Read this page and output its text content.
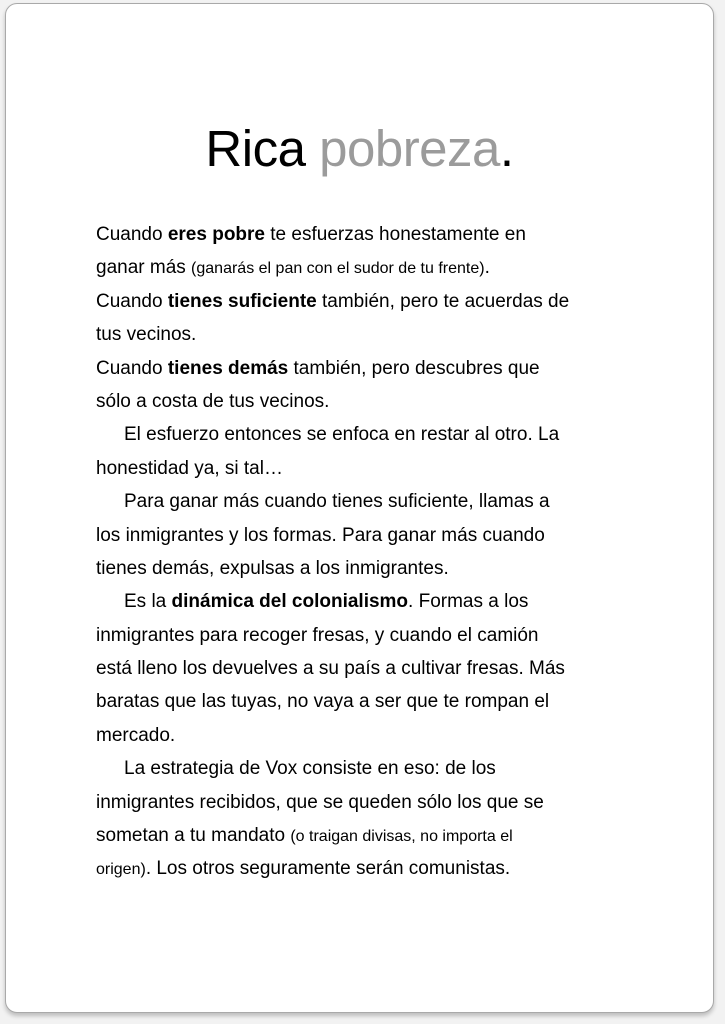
Rica pobreza.
Cuando eres pobre te esfuerzas honestamente en
ganar más (ganarás el pan con el sudor de tu frente).
Cuando tienes suficiente también, pero te acuerdas de
tus vecinos.
Cuando tienes demás también, pero descubres que
sólo a costa de tus vecinos.
El esfuerzo entonces se enfoca en restar al otro. La
honestidad ya, si tal…
Para ganar más cuando tienes suficiente, llamas a
los inmigrantes y los formas. Para ganar más cuando
tienes demás, expulsas a los inmigrantes.
Es la dinámica del colonialismo. Formas a los
inmigrantes para recoger fresas, y cuando el camión
está lleno los devuelves a su país a cultivar fresas. Más
baratas que las tuyas, no vaya a ser que te rompan el
mercado.
La estrategia de Vox consiste en eso: de los
inmigrantes recibidos, que se queden sólo los que se
sometan a tu mandato (o traigan divisas, no importa el
origen). Los otros seguramente serán comunistas.
